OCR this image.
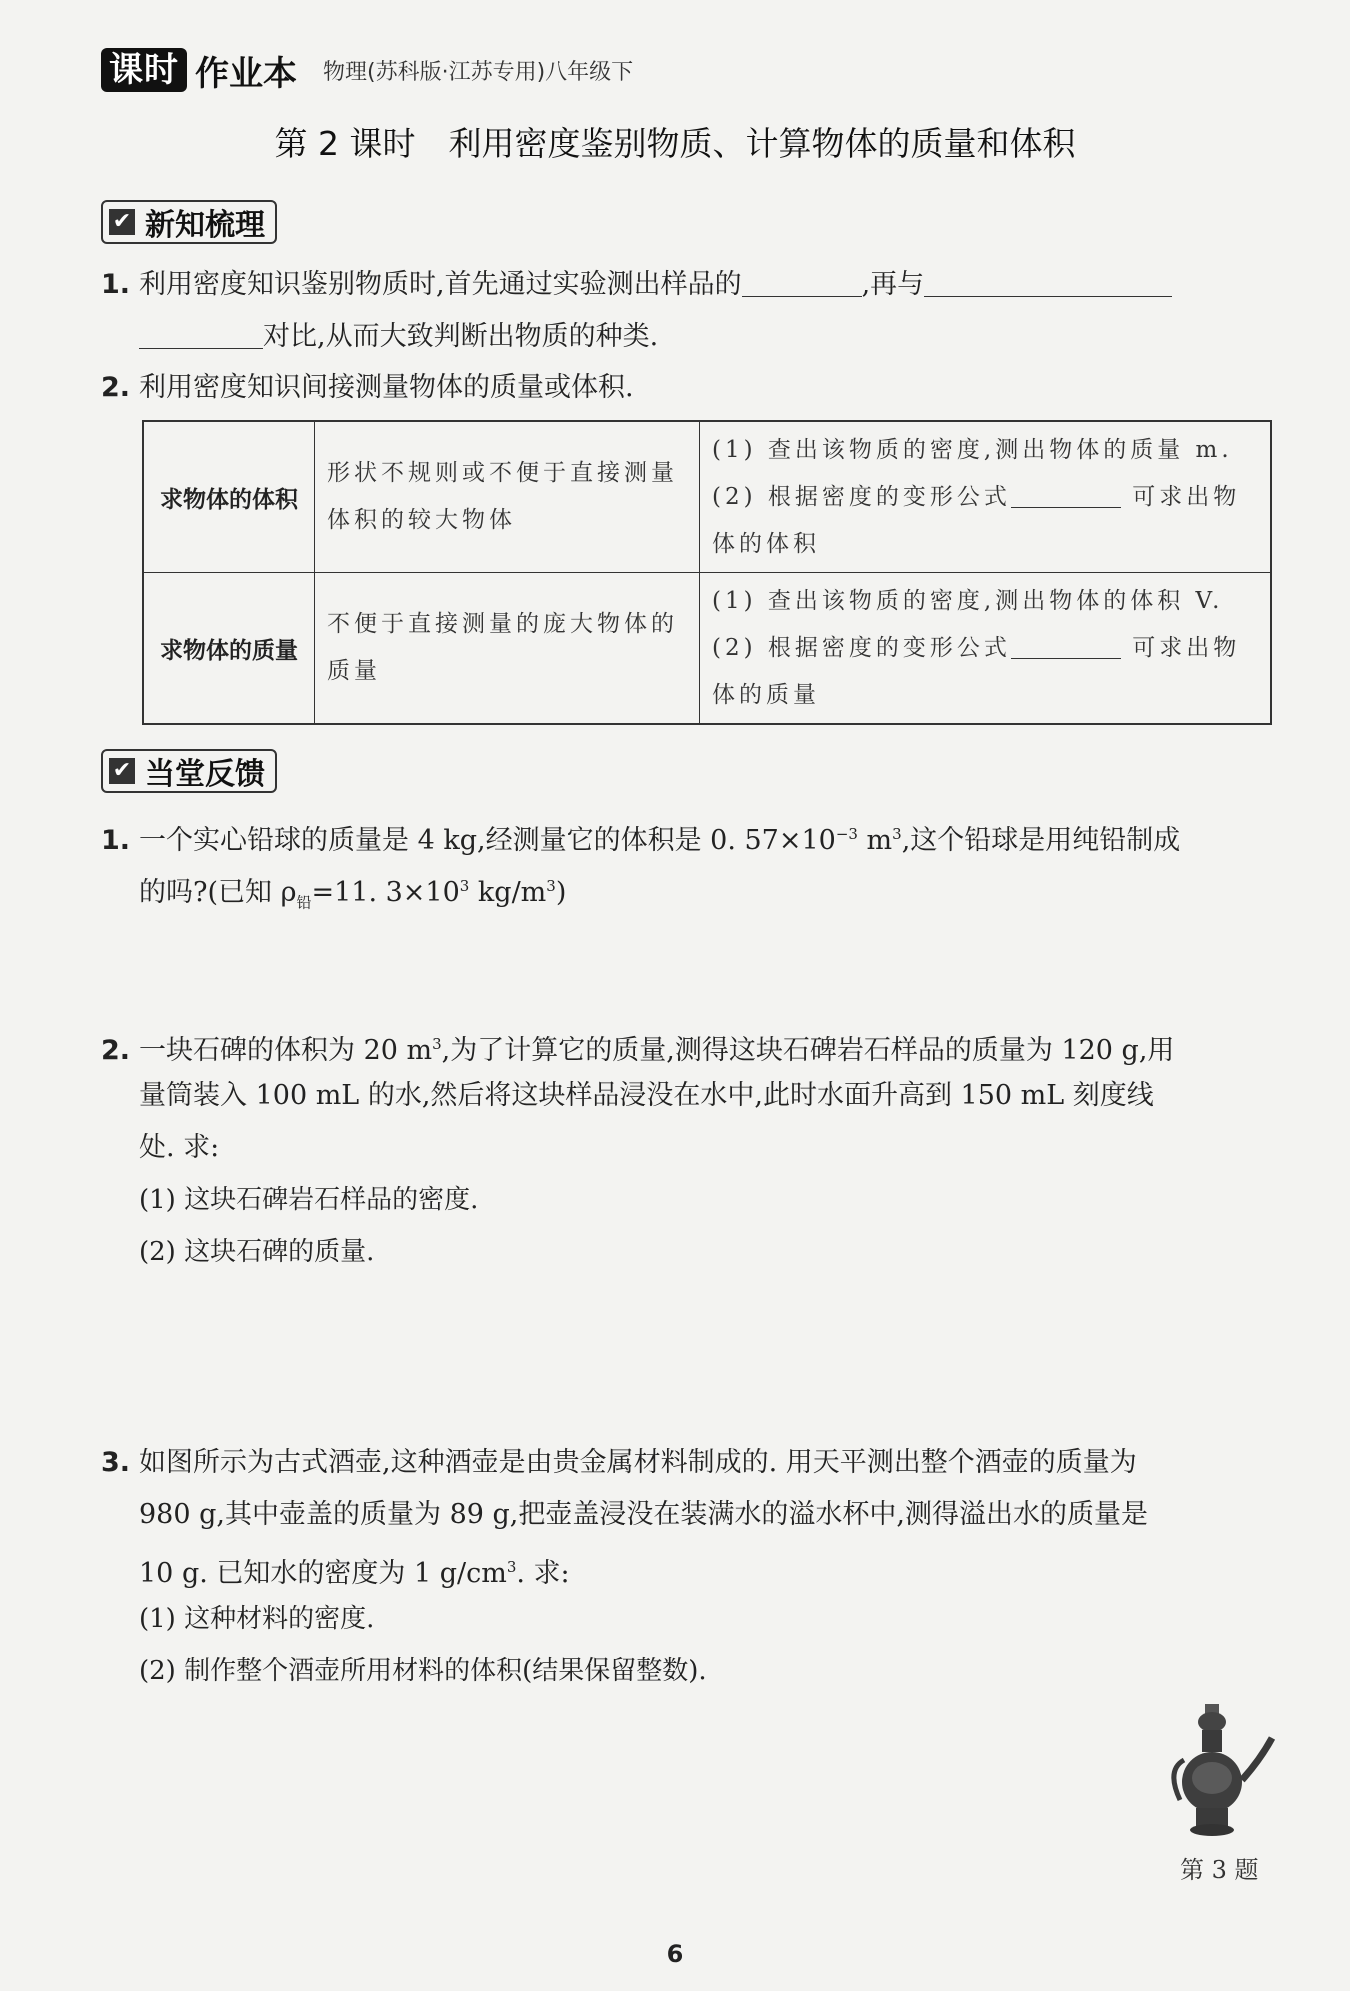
课时 作业本 物理(苏科版·江苏专用)八年级下
第 2 课时　利用密度鉴别物质、计算物体的质量和体积
✔ 新知梳理
1. 利用密度知识鉴别物质时,首先通过实验测出样品的	,再与
对比,从而大致判断出物质的种类.
2. 利用密度知识间接测量物体的质量或体积.
求物体的体积	形状不规则或不便于直接测量体积的较大物体	(1) 查出该物质的密度,测出物体的质量 m.
(2) 根据密度的变形公式 可求出物体的体积

求物体的质量	不便于直接测量的庞大物体的质量	(1) 查出该物质的密度,测出物体的体积 V.
(2) 根据密度的变形公式 可求出物体的质量
✔ 当堂反馈
1. 一个实心铅球的质量是 4 kg,经测量它的体积是 0. $57\times 10^{-3}$ $m^3$,这个铅球是用纯铅制成
的吗?(已知 $\rho_铅=11$. $3\times 10^3$ $kg/m^3$)
2. 一块石碑的体积为 20 $m^3$,为了计算它的质量,测得这块石碑岩石样品的质量为 120 g,用
量筒装入 100 mL 的水,然后将这块样品浸没在水中,此时水面升高到 150 mL 刻度线
处. 求:
(1) 这块石碑岩石样品的密度.
(2) 这块石碑的质量.
3. 如图所示为古式酒壶,这种酒壶是由贵金属材料制成的. 用天平测出整个酒壶的质量为
980 g,其中壶盖的质量为 89 g,把壶盖浸没在装满水的溢水杯中,测得溢出水的质量是
10 g. 已知水的密度为 1 $g/cm^3$. 求:
(1) 这种材料的密度.
(2) 制作整个酒壶所用材料的体积(结果保留整数).
第 3 题
6
